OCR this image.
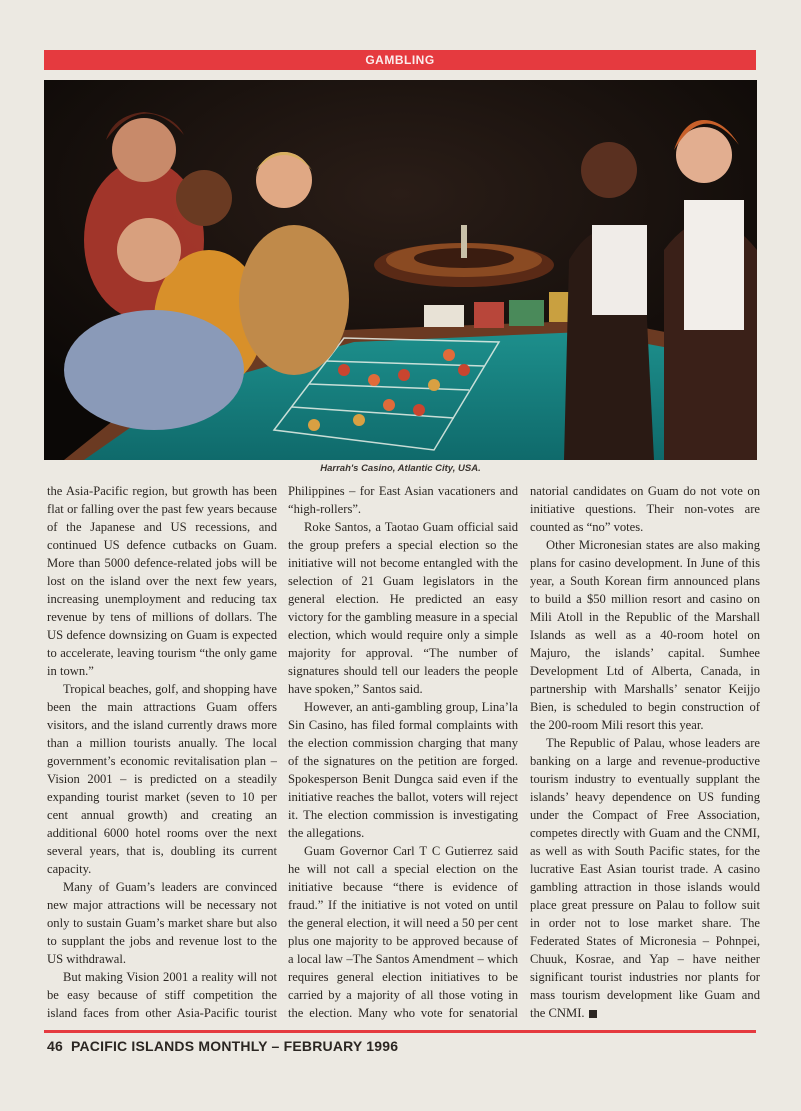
GAMBLING
Harrah's Casino, Atlantic City, USA.

the Asia-Pacific region, but growth has been flat or falling over the past few years because of the Japanese and US recessions, and continued US defence cutbacks on Guam. More than 5000 defence-related jobs will be lost on the island over the next few years, increasing unemployment and reducing tax revenue by tens of millions of dollars. The US defence downsizing on Guam is expected to accelerate, leaving tourism “the only game in town.”

Tropical beaches, golf, and shopping have been the main attractions Guam offers visitors, and the island currently draws more than a million tourists anually. The local government’s economic revitalisation plan – Vision 2001 – is predicted on a steadily expanding tourist market (seven to 10 per cent annual growth) and creating an additional 6000 hotel rooms over the next several years, that is, doubling its current capacity.

Many of Guam’s leaders are convinced new major attractions will be necessary not only to sustain Guam’s market share but also to supplant the jobs and revenue lost to the US withdrawal.

But making Vision 2001 a reality will not be easy because of stiff competition the island faces from other Asia-Pacific tourist

Philippines – for East Asian vacationers and “high-rollers”.

Roke Santos, a Taotao Guam official said the group prefers a special election so the initiative will not become entangled with the selection of 21 Guam legislators in the general election. He predicted an easy victory for the gambling measure in a special election, which would require only a simple majority for approval. “The number of signatures should tell our leaders the people have spoken,” Santos said.

However, an anti-gambling group, Lina’la Sin Casino, has filed formal complaints with the election commission charging that many of the signatures on the petition are forged. Spokesperson Benit Dungca said even if the initiative reaches the ballot, voters will reject it. The election commission is investigating the allegations.

Guam Governor Carl T C Gutierrez said he will not call a special election on the initiative because “there is evidence of fraud.” If the initiative is not voted on until the general election, it will need a 50 per cent plus one majority to be approved because of a local law –The Santos Amendment – which requires general election initiatives to be carried by a majority of all those voting in the election. Many who vote for senatorial

natorial candidates on Guam do not vote on initiative questions. Their non-votes are counted as “no” votes.

Other Micronesian states are also making plans for casino development. In June of this year, a South Korean firm announced plans to build a $50 million resort and casino on Mili Atoll in the Republic of the Marshall Islands as well as a 40-room hotel on Majuro, the islands’ capital. Sumhee Development Ltd of Alberta, Canada, in partnership with Marshalls’ senator Keijjo Bien, is scheduled to begin construction of the 200-room Mili resort this year.

The Republic of Palau, whose leaders are banking on a large and revenue-productive tourism industry to eventually supplant the islands’ heavy dependence on US funding under the Compact of Free Association, competes directly with Guam and the CNMI, as well as with South Pacific states, for the lucrative East Asian tourist trade. A casino gambling attraction in those islands would place great pressure on Palau to follow suit in order not to lose market share. The Federated States of Micronesia – Pohnpei, Chuuk, Kosrae, and Yap – have neither significant tourist industries nor plants for mass tourism development like Guam and the CNMI.

46 PACIFIC ISLANDS MONTHLY – FEBRUARY 1996
